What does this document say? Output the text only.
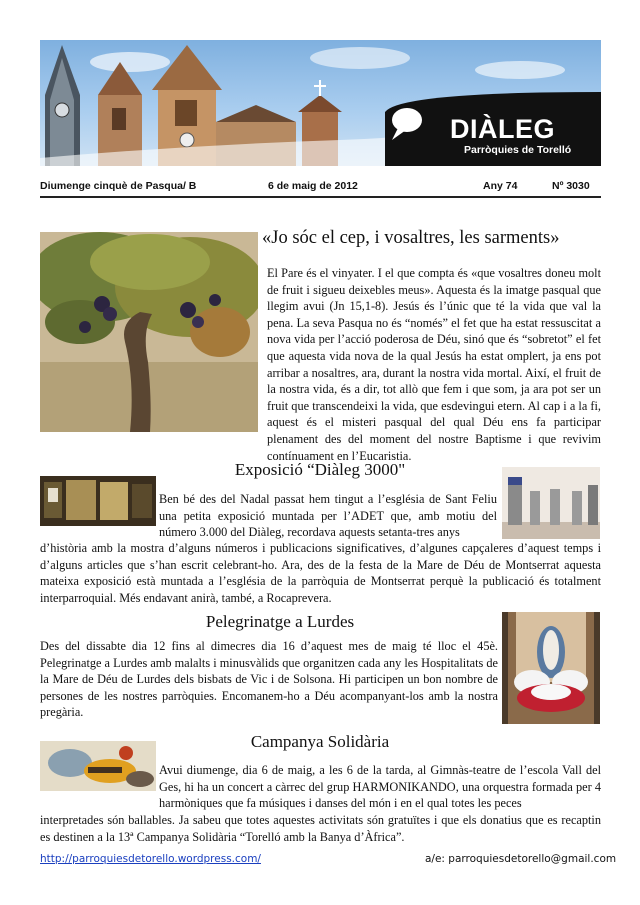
DIÀLEG
Parròquies de Torelló
Diumenge cinquè de Pasqua/ B	6 de maig de 2012	Any 74	Nº 3030
«Jo sóc el cep, i vosaltres, les sarments»

El Pare és el vinyater. I el que compta és «que vosaltres doneu molt de fruit i sigueu deixebles meus». Aquesta és la imatge pasqual que llegim avui (Jn 15,1-8). Jesús és l’únic que té la vida que val la pena. La seva Pasqua no és “només” el fet que ha estat ressuscitat a nova vida per l’acció poderosa de Déu, sinó que és “sobretot” el fet que aquesta vida nova de la qual Jesús ha estat omplert, ja ens pot arribar a nosaltres, ara, durant la nostra vida mortal. Així, el fruit de la nostra vida, és a dir, tot allò que fem i que som, ja ara pot ser un fruit que transcendeixi la vida, que esdevingui etern. Al cap i a la fi, aquest és el misteri pasqual del qual Déu ens fa participar plenament des del moment del nostre Baptisme i que revivim contínuament en l’Eucaristia.

Exposició “Diàleg 3000"

Ben bé des del Nadal passat hem tingut a l’església de Sant Feliu una petita exposició muntada per l’ADET que, amb motiu del número 3.000 del Diàleg, recordava aquests setanta-tres anys

d’història amb la mostra d’alguns números i publicacions significatives, d’algunes capçaleres d’aquest temps i d’alguns articles que s’han escrit celebrant-ho. Ara, des de la festa de la Mare de Déu de Montserrat aquesta mateixa exposició està muntada a l’església de la parròquia de Montserrat perquè la publicació és totalment interparroquial. Més endavant anirà, també, a Rocaprevera.

Pelegrinatge a Lurdes

Des del dissabte dia 12 fins al dimecres dia 16 d’aquest mes de maig té lloc el 45è. Pelegrinatge a Lurdes amb malalts i minusvàlids que organitzen cada any les Hospitalitats de la Mare de Déu de Lurdes dels bisbats de Vic i de Solsona. Hi participen un bon nombre de persones de les nostres parròquies. Encomanem-ho a Déu acompanyant-los amb la nostra pregària.

Campanya Solidària

Avui diumenge, dia 6 de maig, a les 6 de la tarda, al Gimnàs-teatre de l’escola Vall del Ges, hi ha un concert a càrrec del grup HARMONIKANDO, una orquestra formada per 4 harmòniques que fa músiques i danses del món i en el qual totes les peces

interpretades són ballables. Ja sabeu que totes aquestes activitats són gratuïtes i que els donatius que es recaptin es destinen a la 13ª Campanya Solidària “Torelló amb la Banya d’Àfrica”.

http://parroquiesdetorello.wordpress.com/	a/e: parroquiesdetorello@gmail.com
